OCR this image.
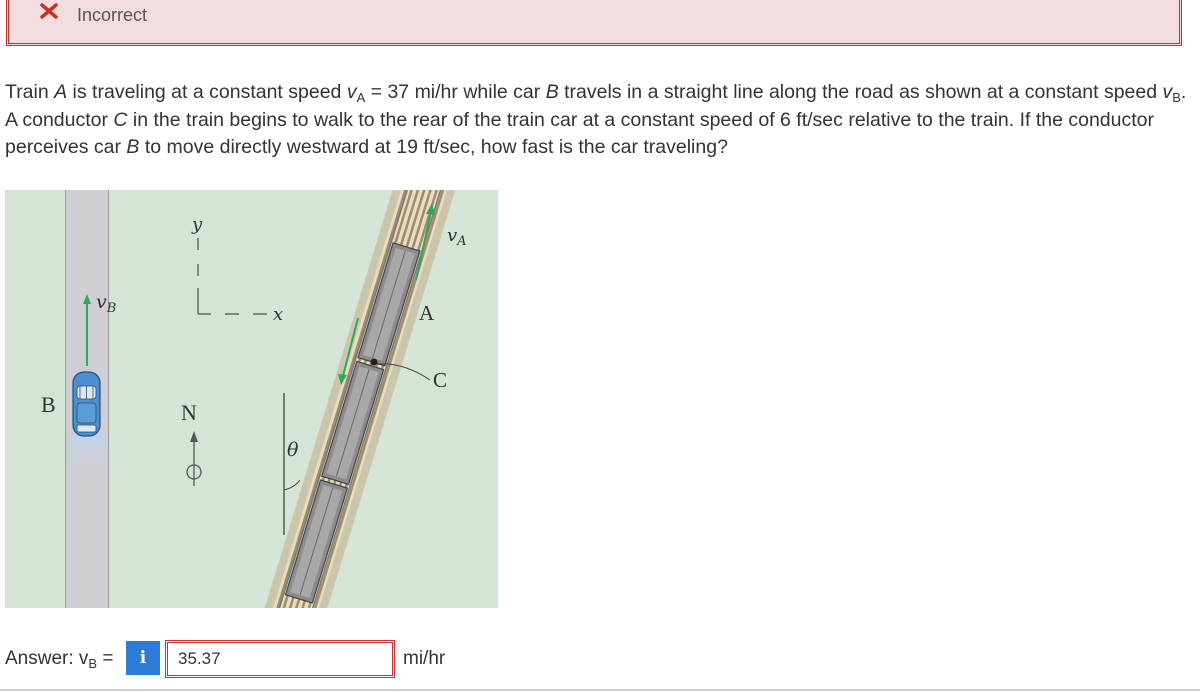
Incorrect
Train A is traveling at a constant speed $v_A = 37$ mi/hr while car B travels in a straight line along the road as shown at a constant speed $v_B$. A conductor C in the train begins to walk to the rear of the train car at a constant speed of 6 ft/sec relative to the train. If the conductor perceives car B to move directly westward at 19 ft/sec, how fast is the car traveling?
$v_B$
B
y
x
N
θ
$v_A$
C
A
Answer: $v_B$ =	i
35.37	mi/hr
